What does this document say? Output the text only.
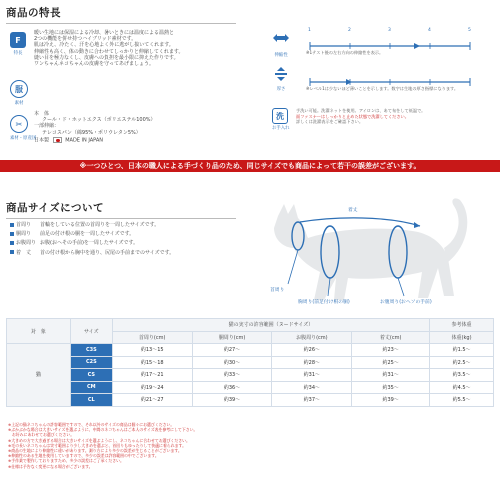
商品の特長
F
特長
暖い生地には保湿による冷却、暑いときには温度による温熱と
2つの機能を併せ持つハイブリッド素材です。
肌は冷え、冷たく、汗を心地よく外に逃がし抜いてくれます。
伸縮性も高く、体の動きに合わせてしっかりと伸縮してくれます。
縫い目を極力なくし、皮膚への負担を最小限に抑えた作りです。
ワンちゃんネコちゃんの皮膚を守ってあげましょう。
服
素材
✂
素材・原産国
本　体
クール・ド・ホットエクス（ポリエステル100%）
一部伸縮：
テレコスパン（綿95%・ポリウレタン5%）
日本製	MADE IN JAPAN
伸縮性
1	2	3	4	5
※1テスト後の左右方向の伸縮性を表示。
厚さ	※レベル1は少ないほど薄いことを示します。数字は生地の厚さ指標になります。
洗
お手入れ
手洗い可能。洗濯ネットを使用。アイロンは、あて布をして低温で。
面ファスナーはしっかりと止めた状態で洗濯してください。
詳しくは洗濯表示をご確認下さい。
※一つひとつ、日本の職人による手づくり品のため、同じサイズでも商品によって若干の誤差がございます。
商品サイズについて
首周り 首輪をしている位置の首周りを一周したサイズです。
胴周り 前足の付け根の胴を一周したサイズです。
お腹周り お腹(おヘその手前)を一周したサイズです。
着　丈 首の付け根から胸中を通り、尻尾の手前までのサイズです。
着丈
首周り
胸周り(前足付け根の胴)	お腹周り(おヘソの手前)
対　象	サイズ	猫の実寸の許容範囲（ヌードサイズ）				参考体重
		首周り(cm)	胴周り(cm)	お腹周り(cm)	着丈(cm)	体重(kg)
猫	C3S	約13〜15	約27〜	約26〜	約23〜	約1.5〜
	C2S	約15〜18	約30〜	約28〜	約25〜	約2.5〜
	CS	約17〜21	約33〜	約31〜	約31〜	約3.5〜
	CM	約19〜24	約36〜	約34〜	約35〜	約4.5〜
	CL	約21〜27	約39〜	約37〜	約39〜	約5.5〜

※上記の猫ネコちゃんの許容範囲ですので、それ以外のサイズの商品は個々にお選びください。

※ぶかぶかな場合は大きいサイズを選ぶように、中間のネコちゃんはご本人のサイズ表を参考にして下さい。

　お好みにあわせてお選びください。

※大きめの方で大き過ぎる場合は大きいサイズを選ぶようにし、ネコちゃんに合わせてお選びください。

※毛の長いネコちゃんは実寸範囲より少し大きめを選ぶと、首回りもゆったりして快適に着られます。

※商品の生地により伸縮性に違いがあります。測り方により多少の誤差が生じることがございます。

※伸縮性のある生地を使用していますので、多少の誤差は許容範囲の中でございます。

※手作業で製作しておりますため、多少の誤差はご了承ください。

※仕様は予告なく変更になる場合がございます。
